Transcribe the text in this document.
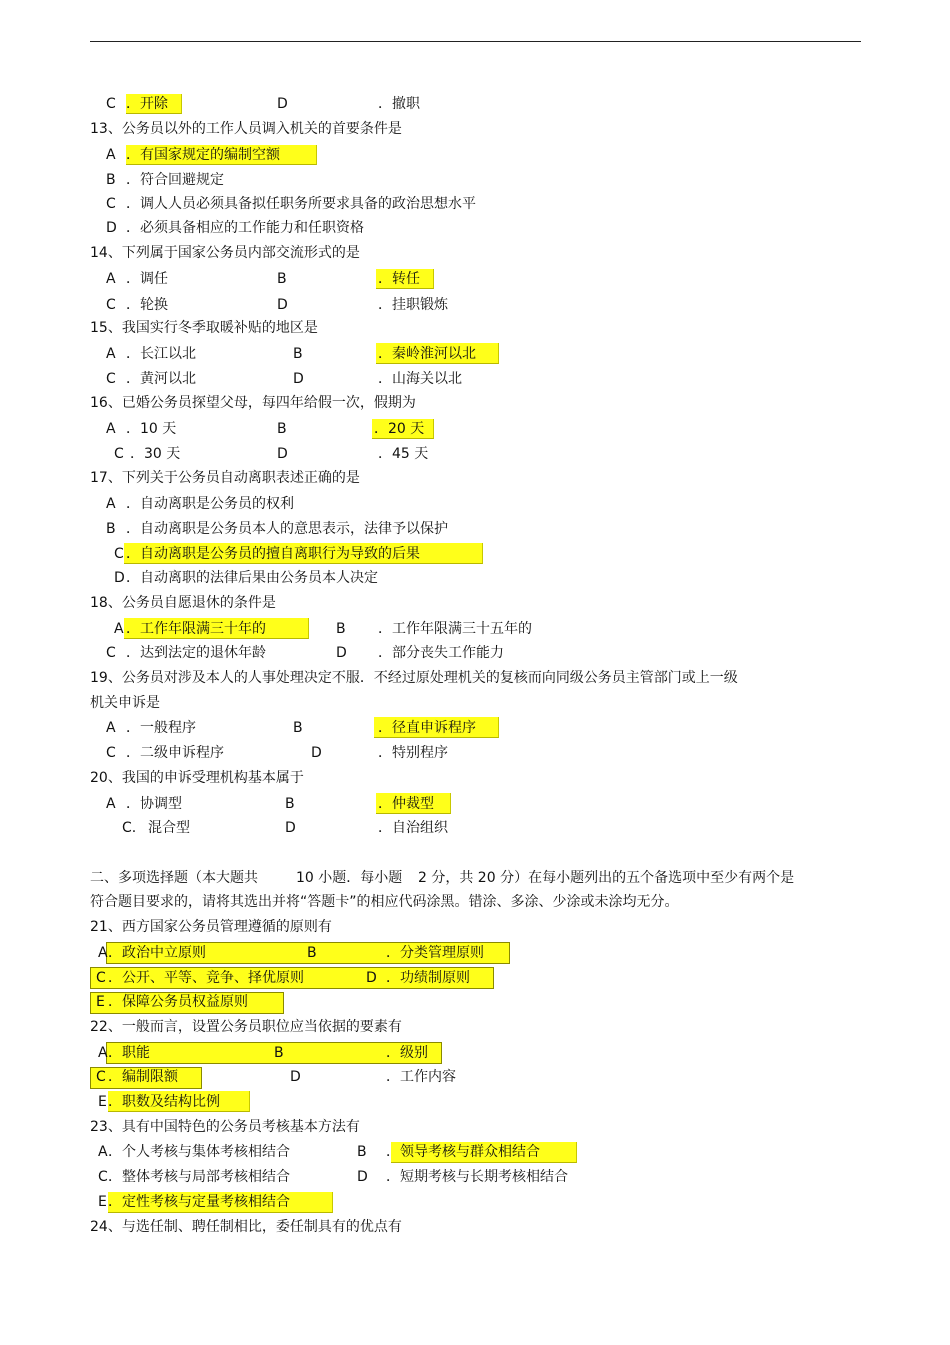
C ．开除	D	．撤职
13、公务员以外的工作人员调入机关的首要条件是
A ．有国家规定的编制空额
B ．符合回避规定
C ．调人人员必须具备拟任职务所要求具备的政治思想水平
D ．必须具备相应的工作能力和任职资格
14、下列属于国家公务员内部交流形式的是
A ．调任	B	．转任
C ．轮换	D	．挂职锻炼
15、我国实行冬季取暖补贴的地区是
A ．长江以北	B	．秦岭淮河以北
C ．黄河以北	D	．山海关以北
16、已婚公务员探望父母，每四年给假一次，假期为
A ．10 天	B	．20 天
C ．30 天	D	．45 天
17、下列关于公务员自动离职表述正确的是
A ．自动离职是公务员的权利
B ．自动离职是公务员本人的意思表示，法律予以保护
C ．自动离职是公务员的擅自离职行为导致的后果
D ．自动离职的法律后果由公务员本人决定
18、公务员自愿退休的条件是
A ．工作年限满三十年的	B ．工作年限满三十五年的
C ．达到法定的退休年龄	D ．部分丧失工作能力
19、公务员对涉及本人的人事处理决定不服．不经过原处理机关的复核而向同级公务员主管部门或上一级
机关申诉是
A ．一般程序	B	．径直申诉程序
C ．二级申诉程序	D	．特别程序
20、我国的申诉受理机构基本属于
A ．协调型	B	．仲裁型
C. 混合型	D	．自治组织
二、多项选择题（本大题共	10 小题．每小题 2 分，共 20 分）在每小题列出的五个备选项中至少有两个是
符合题目要求的，请将其选出并将“答题卡”的相应代码涂黑。错涂、多涂、少涂或未涂均无分。
21、西方国家公务员管理遵循的原则有
A ．政治中立原则	B	．分类管理原则
C ．公开、平等、竞争、择优原则	D ．功绩制原则
E ．保障公务员权益原则
22、一般而言，设置公务员职位应当依据的要素有
A ．职能	B	．级别
C ．编制限额	D	．工作内容
E ．职数及结构比例
23、具有中国特色的公务员考核基本方法有
A ．个人考核与集体考核相结合	B ．领导考核与群众相结合
C ．整体考核与局部考核相结合	D ．短期考核与长期考核相结合
E ．定性考核与定量考核相结合
24、与选任制、聘任制相比，委任制具有的优点有
